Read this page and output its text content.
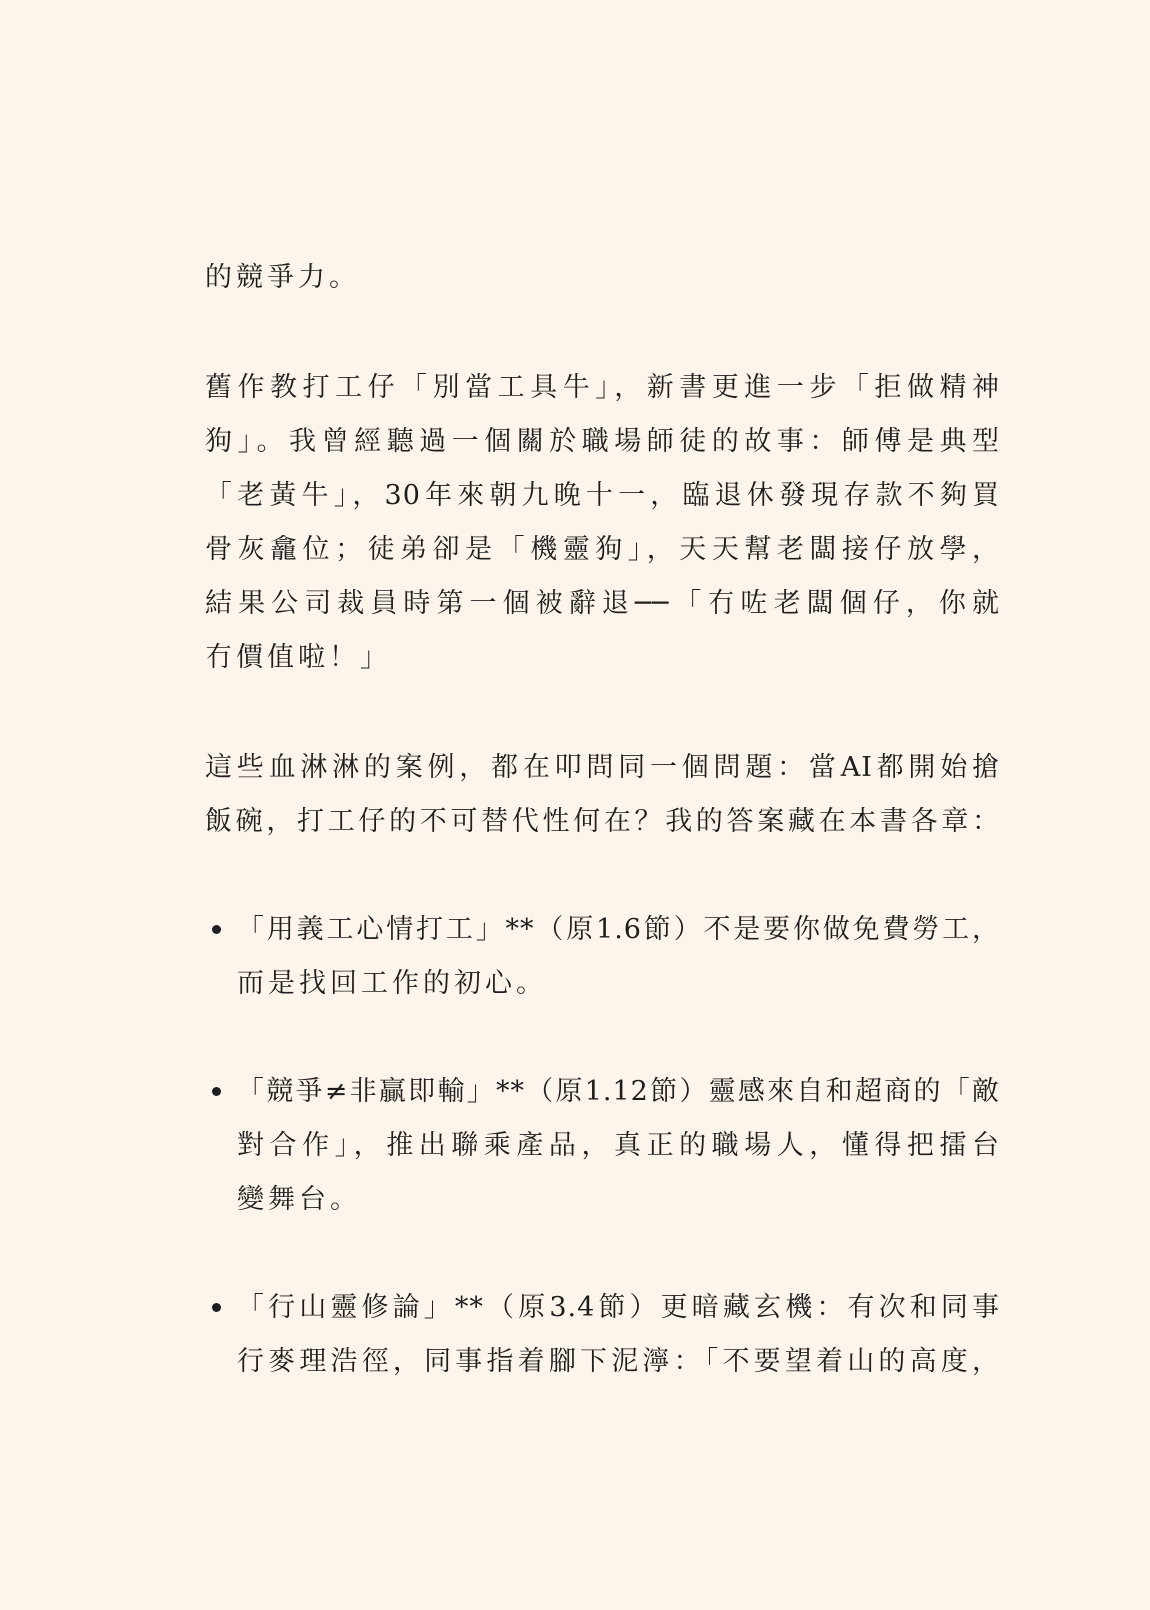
的競爭力。
舊作教打工仔「別當工具牛」，新書更進一步「拒做精神
狗」。我曾經聽過一個關於職場師徒的故事：師傅是典型
「老黃牛」，30年來朝九晚十一，臨退休發現存款不夠買
骨灰龕位；徒弟卻是「機靈狗」，天天幫老闆接仔放學，
結果公司裁員時第一個被辭退──「冇咗老闆個仔，你就
冇價值啦！」
這些血淋淋的案例，都在叩問同一個問題：當AI都開始搶
飯碗，打工仔的不可替代性何在？我的答案藏在本書各章：
「用義工心情打工」**（原1.6節）不是要你做免費勞工，
而是找回工作的初心。
「競爭≠非贏即輸」**（原1.12節）靈感來自和超商的「敵
對合作」，推出聯乘產品，真正的職場人，懂得把擂台
變舞台。
「行山靈修論」**（原3.4節）更暗藏玄機：有次和同事
行麥理浩徑，同事指着腳下泥濘：「不要望着山的高度，
